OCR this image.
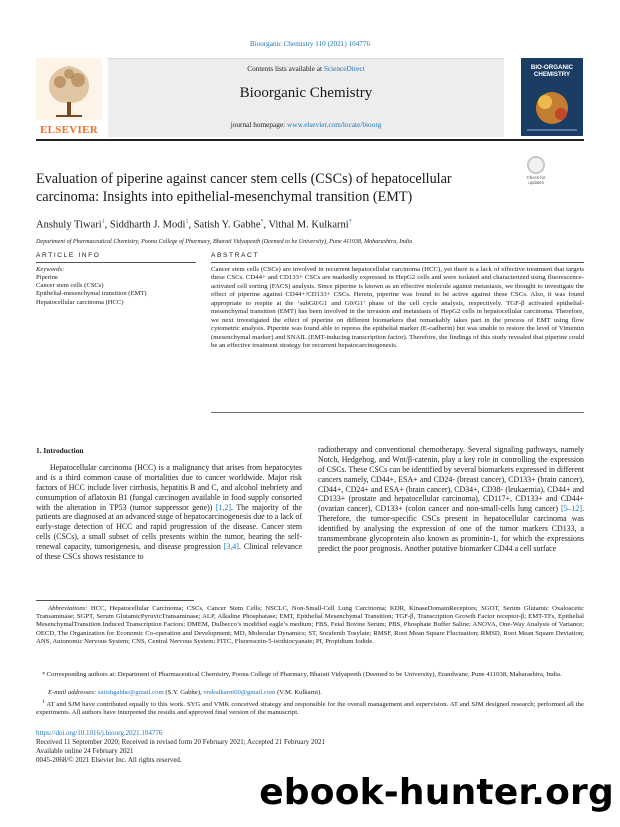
Bioorganic Chemistry 110 (2021) 104776
ELSEVIER
Contents lists available at ScienceDirect
Bioorganic Chemistry
journal homepage: www.elsevier.com/locate/bioorg
BIO-ORGANIC CHEMISTRY
Evaluation of piperine against cancer stem cells (CSCs) of hepatocellular carcinoma: Insights into epithelial-mesenchymal transition (EMT)
Check for updates
Anshuly Tiwari$^1$, Siddharth J. Modi$^1$, Satish Y. Gabhe*, Vithal M. Kulkarni*
Department of Pharmaceutical Chemistry, Poona College of Pharmacy, Bharati Vidyapeeth (Deemed to be University), Pune 411038, Maharashtra, India
ARTICLE INFO	ABSTRACT
Keywords:
Piperine
Cancer stem cells (CSCs)
Epithelial-mesenchymal transition (EMT)
Hepatocellular carcinoma (HCC)
Cancer stem cells (CSCs) are involved in recurrent hepatocellular carcinoma (HCC), yet there is a lack of effective treatment that targets these CSCs. CD44+ and CD133+ CSCs are markedly expressed in HepG2 cells and were isolated and characterized using fluorescence-activated cell sorting (FACS) analysis. Since piperine is known as an effective molecule against metastasis, we thought to investigate the effect of piperine against CD44+/CD133+ CSCs. Herein, piperine was found to be active against these CSCs. Also, it was found appropriate to respite at the ‘subG0/G1 and G0/G1’ phase of the cell cycle analysis, respectively. TGF-β activated epithelial-mesenchymal transition (EMT) has been involved in the invasion and metastasis of HepG2 cells in hepatocellular carcinoma. Therefore, we next investigated the effect of piperine on different biomarkers that remarkably takes part in the process of EMT using flow cytometric analysis. Piperine was found able to repress the epithelial marker (E-cadherin) but was unable to restore the level of Vimentin (mesenchymal marker) and SNAIL (EMT-inducing transcription factor). Therefore, the findings of this study revealed that piperine could be an effective treatment strategy for recurrent hepatocarcinogenesis.
1. Introduction
Hepatocellular carcinoma (HCC) is a malignancy that arises from hepatocytes and is a third common cause of mortalities due to cancer worldwide. Major risk factors of HCC include liver cirrhosis, hepatitis B and C, and alcohol inebriety and consumption of aflatoxin B1 (fungal carcinogen available in food supply consorted with the alteration in TP53 (tumor suppressor gene)) [1,2]. The majority of the patients are diagnosed at an advanced stage of hepatocarcinogenesis due to a lack of early-stage detection of HCC and rapid progression of the disease. Cancer stem cells (CSCs), a small subset of cells presents within the tumor, bearing the self-renewal capacity, tumorigenesis, and disease progression [3,4]. Clinical relevance of these CSCs shows resistance to
radiotherapy and conventional chemotherapy. Several signaling pathways, namely Notch, Hedgehog, and Wnt/β-catenin, play a key role in controlling the expression of CSCs. These CSCs can be identified by several biomarkers expressed in different cancers namely, CD44+, ESA+ and CD24- (breast cancer), CD133+ (brain cancer), CD44+, CD24+ and ESA+ (brain cancer), CD34+, CD38- (leukaemia), CD44+ and CD133+ (prostate and hepatocellular carcinoma), CD117+, CD133+ and CD44+ (ovarian cancer), CD133+ (colon cancer and non-small-cells lung cancer) [5–12]. Therefore, the tumor-specific CSCs present in hepatocellular carcinoma was identified by analysing the expression of one of the tumor markers CD133, a transmembrane glycoprotein also known as prominin-1, for which the expressions predict the poor prognosis. Another putative biomarker CD44 a cell surface
Abbreviations: HCC, Hepatocellular Carcinoma; CSCs, Cancer Stem Cells; NSCLC, Non-Small-Cell Lung Carcinoma; KDR, KinaseDomainReceptors; SGOT, Serum Glutamic Oxaloacetic Transaminase; SGPT, Serum GlutamicPyruvicTransaminase; ALP, Alkaline Phosphatase; EMT, Epithelial Mesenchymal Transition; TGF-β, Transcription Growth Factor receptor-β; EMT-TFs, Epithelial MesenchymalTransition Induced Transcription Factors; DMEM, Dulbecco’s modified eagle’s medium; FBS, Fetal Bovine Serum; PBS, Phosphate Buffer Saline; ANOVA, One-Way Analysis of Variance; OECD, The Organization for Economic Co-operation and Development; MD, Molecular Dynamics; ST, Sorafenib Tosylate; RMSF, Root Mean Square Fluctuation; RMSD, Root Mean Square Deviation; ANS, Autonomic Nervous System; CNS, Central Nervous System; FITC, Fluorescein-5-isothiocyanate; PI, Propidium Iodide.
* Corresponding authors at: Department of Pharmaceutical Chemistry, Poona College of Pharmacy, Bharati Vidyapeeth (Deemed to be University), Erandwane, Pune 411038, Maharashtra, India.
E-mail addresses: satishgabhe@gmail.com (S.Y. Gabhe), vmkulkarni60@gmail.com (V.M. Kulkarni).
$^1$ AT and SJM have contributed equally to this work. SYG and VMK conceived strategy and responsible for the overall management and supervision. AT and SJM designed research; performed all the experiments. All authors have interpreted the results and approved final version of the manuscript.
https://doi.org/10.1016/j.bioorg.2021.104776
Received 11 September 2020; Received in revised form 20 February 2021; Accepted 21 February 2021
Available online 24 February 2021
0045-2068/© 2021 Elsevier Inc. All rights reserved.
ebook-hunter.org
